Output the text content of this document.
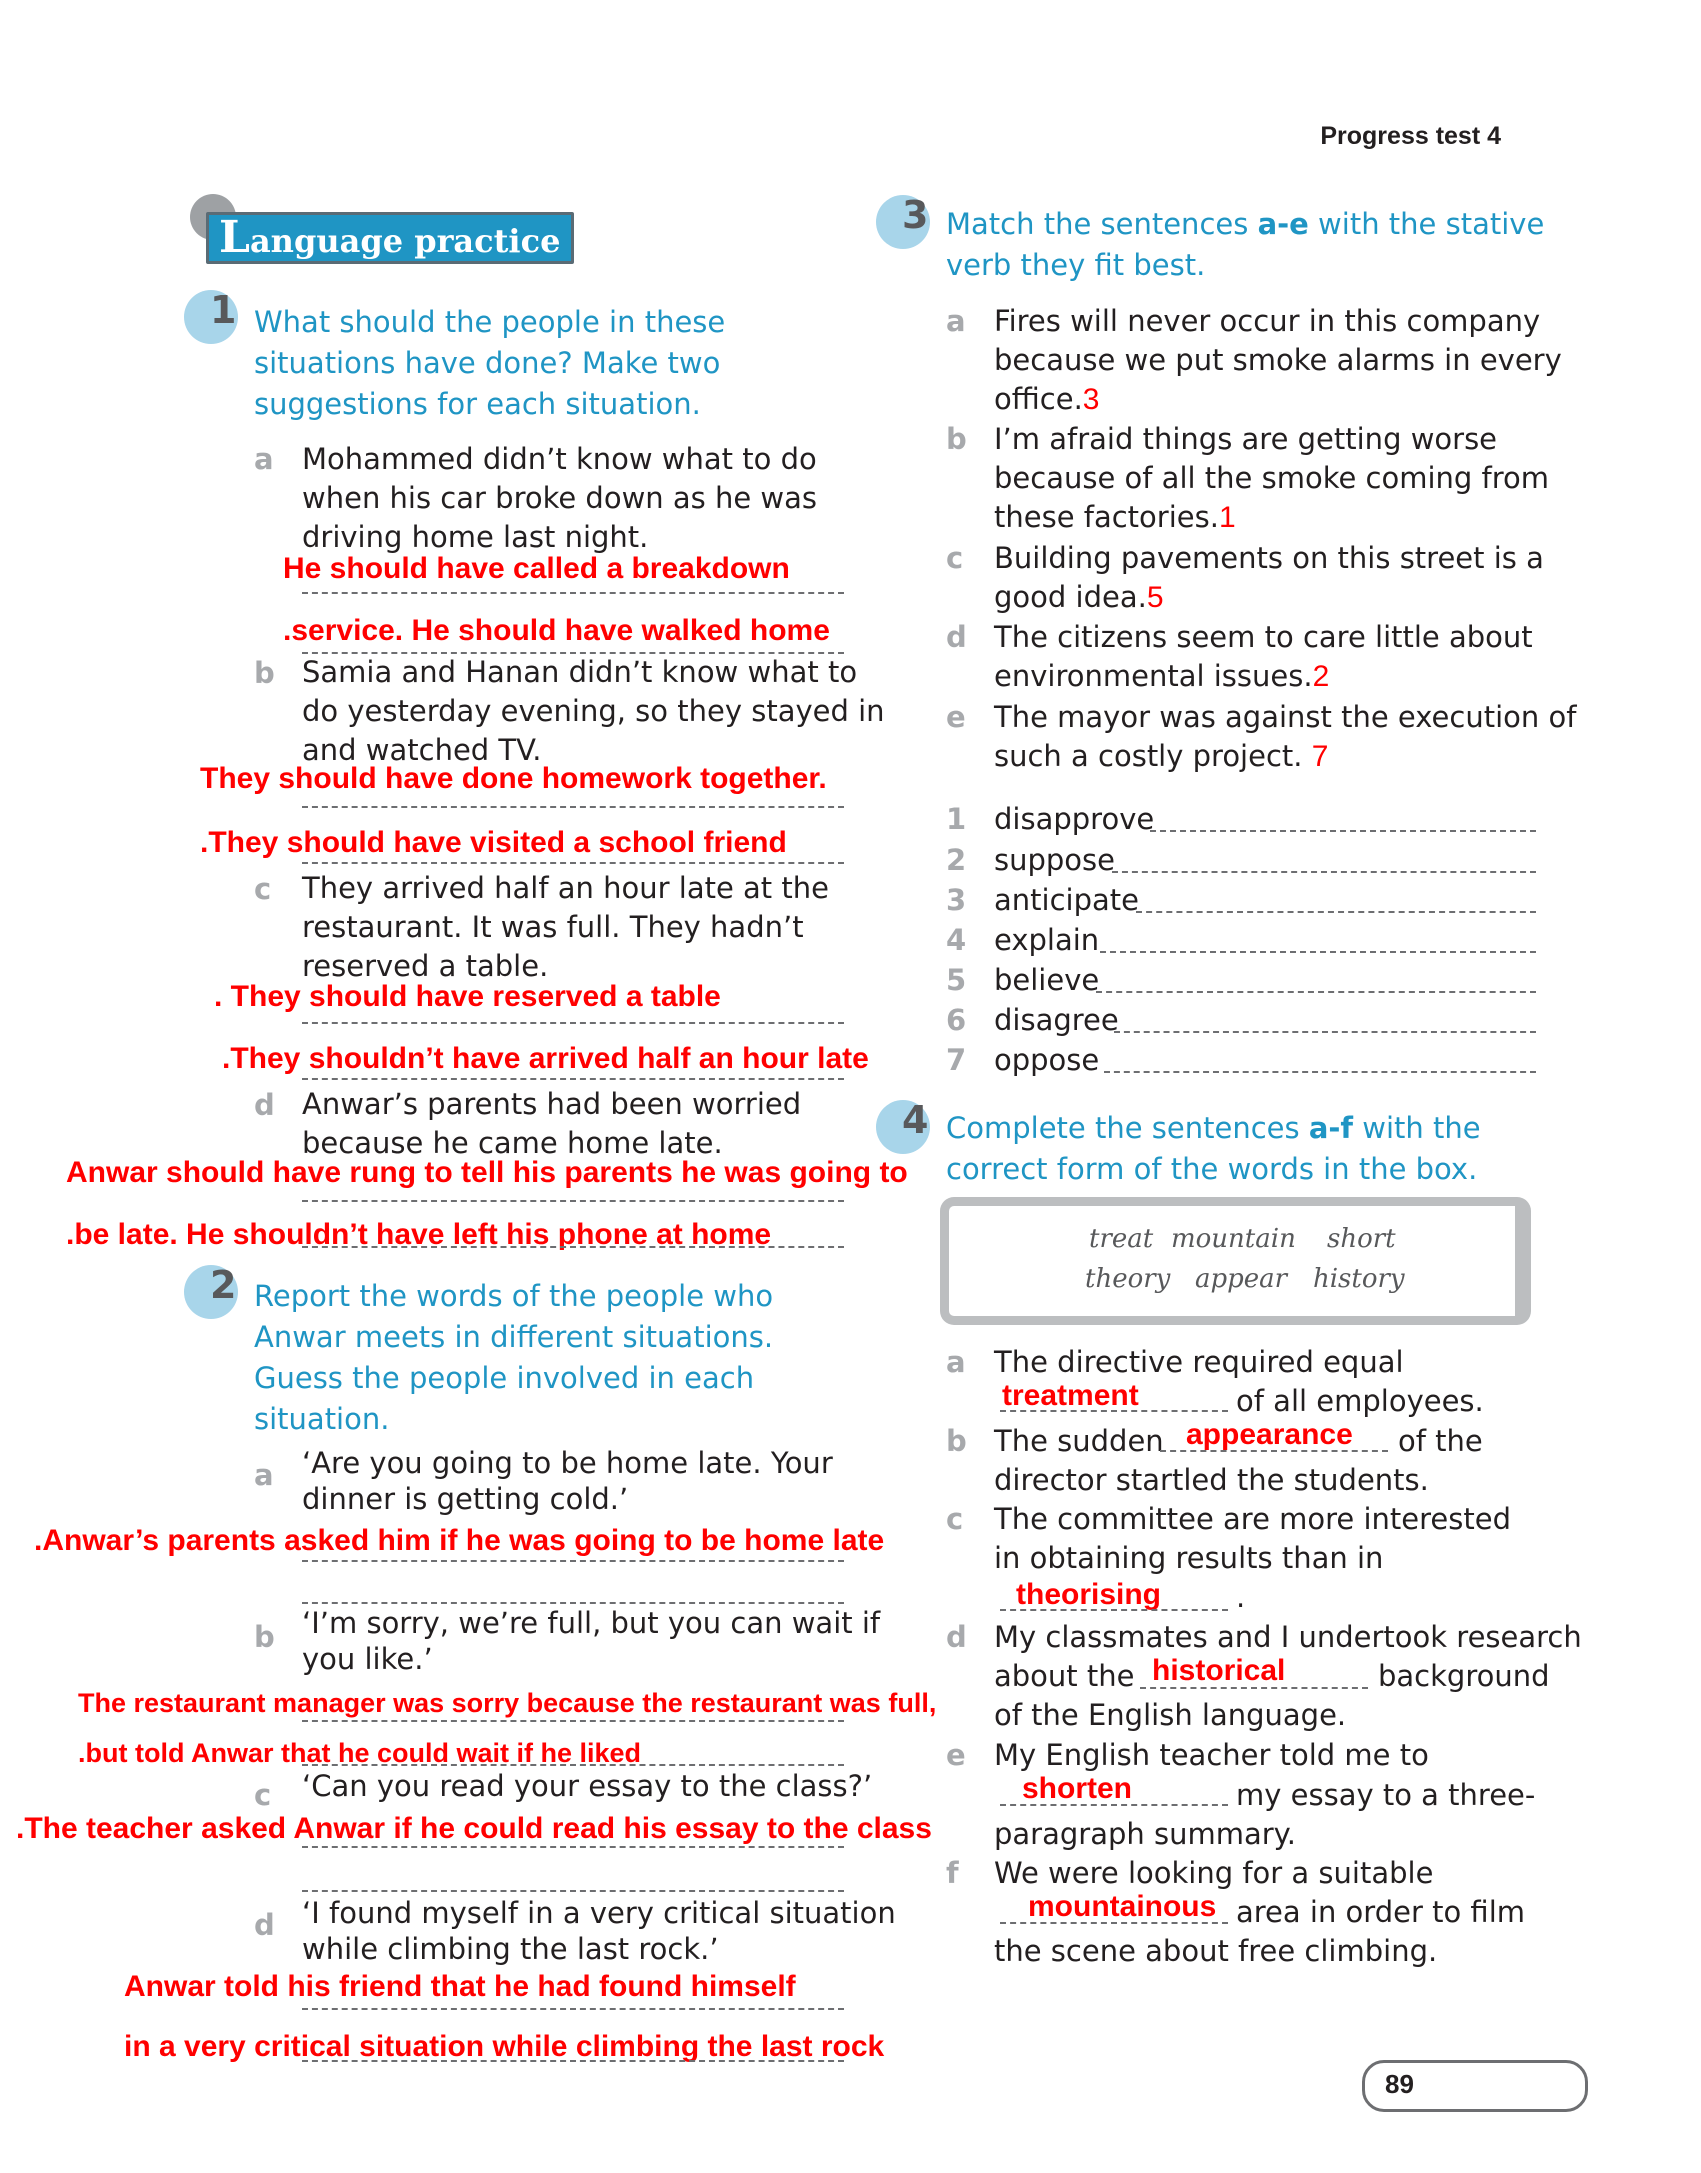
Progress test 4
Language practice
1 What should the people in these
situations have done? Make two
suggestions for each situation.
a Mohammed didn’t know what to do
when his car broke down as he was
driving home last night.
He should have called a breakdown
.service. He should have walked home
b Samia and Hanan didn’t know what to
do yesterday evening, so they stayed in
and watched TV.
They should have done homework together.
.They should have visited a school friend
c They arrived half an hour late at the
restaurant. It was full. They hadn’t
reserved a table.
. They should have reserved a table
.They shouldn’t have arrived half an hour late
d Anwar’s parents had been worried
because he came home late.
Anwar should have rung to tell his parents he was going to
.be late. He shouldn’t have left his phone at home
2 Report the words of the people who
Anwar meets in different situations.
Guess the people involved in each
situation.
a ‘Are you going to be home late. Your
dinner is getting cold.’
.Anwar’s parents asked him if he was going to be home late
b ‘I’m sorry, we’re full, but you can wait if
you like.’
The restaurant manager was sorry because the restaurant was full,
.but told Anwar that he could wait if he liked
c ‘Can you read your essay to the class?’
.The teacher asked Anwar if he could read his essay to the class
d ‘I found myself in a very critical situation
while climbing the last rock.’
Anwar told his friend that he had found himself
in a very critical situation while climbing the last rock
3 Match the sentences a-e with the stative
verb they fit best.
a Fires will never occur in this company
because we put smoke alarms in every
office.3
b I’m afraid things are getting worse
because of all the smoke coming from
these factories.1
c Building pavements on this street is a
good idea.5
d The citizens seem to care little about
environmental issues.2
e The mayor was against the execution of
such a costly project. 7
1 disapprove
2 suppose
3 anticipate
4 explain
5 believe
6 disagree
7 oppose
4 Complete the sentences a-f with the
correct form of the words in the box.
treat mountain short
theory appear history
a The directive required equal
treatment	of all employees.
b The sudden appearance of the
director startled the students.
c The committee are more interested
in obtaining results than in
theorising	.
d My classmates and I undertook research
about the historical	background
of the English language.
e My English teacher told me to
shorten	my essay to a three-
paragraph summary.
f We were looking for a suitable
mountainous area in order to film
the scene about free climbing.
89
